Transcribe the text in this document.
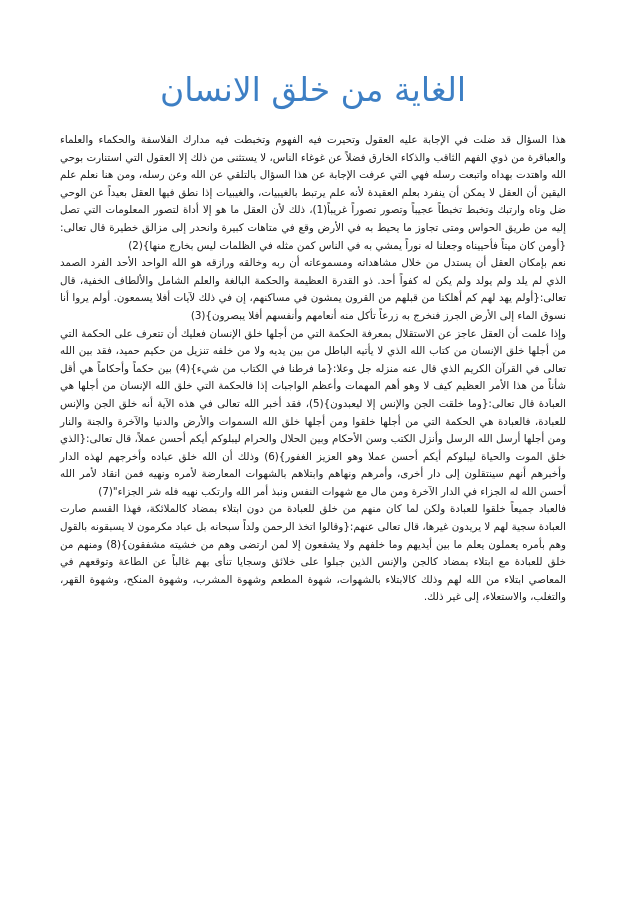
الغاية من خلق الانسان

هذا السؤال قد ضلت في الإجابة عليه العقول وتحيرت فيه الفهوم وتخبطت فيه مدارك الفلاسفة والحكماء والعلماء والعباقرة من ذوي الفهم الثاقب والذكاء الخارق فضلاً عن غوغاء الناس، لا يستثنى من ذلك إلا العقول التي استنارت بوحي الله واهتدت بهداه واتبعت رسله فهي التي عرفت الإجابة عن هذا السؤال بالتلقي عن الله وعن رسله، ومن هنا نعلم علم اليقين أن العقل لا يمكن أن ينفرد بعلم العقيدة لأنه علم يرتبط بالغيبيات، والغيبيات إذا نطق فيها العقل بعيداً عن الوحي ضل وتاه وارتبك وتخبط تخبطاً عجيباً وتصور تصوراً غريباً(1)، ذلك لأن العقل ما هو إلا أداة لتصور المعلومات التي تصل إليه من طريق الحواس ومتى تجاوز ما يحيط به في الأرض وقع في متاهات كبيرة وانحدر إلى مزالق خطيرة قال تعالى:{أومن كان ميتاً فأحييناه وجعلنا له نوراً يمشي به في الناس كمن مثله في الظلمات ليس بخارج منها}(2)

نعم بإمكان العقل أن يستدل من خلال مشاهداته ومسموعاته أن ربه وخالقه ورازقه هو الله الواحد الأحد الفرد الصمد الذي لم يلد ولم يولد ولم يكن له كفواً أحد. ذو القدرة العظيمة والحكمة البالغة والعلم الشامل والألطاف الخفية، قال تعالى:{أولم يهد لهم كم أهلكنا من قبلهم من القرون يمشون في مساكنهم، إن في ذلك لآيات أفلا يسمعون. أولم يروا أنا نسوق الماء إلى الأرض الجرز فنخرج به زرعاً تأكل منه أنعامهم وأنفسهم أفلا يبصرون}(3)

وإذا علمت أن العقل عاجز عن الاستقلال بمعرفة الحكمة التي من أجلها خلق الإنسان فعليك أن تتعرف على الحكمة التي من أجلها خلق الإنسان من كتاب الله الذي لا يأتيه الباطل من بين يديه ولا من خلفه تنزيل من حكيم حميد، فقد بين الله تعالى في القرآن الكريم الذي قال عنه منزله جل وعلا:{ما فرطنا في الكتاب من شيء}(4) بين حكماً وأحكاماً هي أقل شأناً من هذا الأمر العظيم كيف لا وهو أهم المهمات وأعظم الواجبات إذا فالحكمة التي خلق الله الإنسان من أجلها هي العبادة قال تعالى:{وما خلقت الجن والإنس إلا ليعبدون}(5)، فقد أخبر الله تعالى في هذه الآية أنه خلق الجن والإنس للعبادة، فالعبادة هي الحكمة التي من أجلها خلقوا ومن أجلها خلق الله السموات والأرض والدنيا والآخرة والجنة والنار ومن أجلها أرسل الله الرسل وأنزل الكتب وسن الأحكام وبين الحلال والحرام ليبلوكم أيكم أحسن عملاً، قال تعالى:{الذي خلق الموت والحياة ليبلوكم أيكم أحسن عملا وهو العزيز الغفور}(6) وذلك أن الله خلق عباده وأخرجهم لهذه الدار وأخبرهم أنهم سينتقلون إلى دار أخرى، وأمرهم ونهاهم وابتلاهم بالشهوات المعارضة لأمره ونهيه فمن انقاد لأمر الله أحسن الله له الجزاء في الدار الآخرة ومن مال مع شهوات النفس ونبذ أمر الله وارتكب نهيه فله شر الجزاء"(7)

فالعباد جميعاً خلقوا للعبادة ولكن لما كان منهم من خلق للعبادة من دون ابتلاء بمضاد كالملائكة، فهذا القسم صارت العبادة سجية لهم لا يريدون غيرها، قال تعالى عنهم:{وقالوا اتخذ الرحمن ولداً سبحانه بل عباد مكرمون لا يسبقونه بالقول وهم بأمره يعملون يعلم ما بين أيديهم وما خلفهم ولا يشفعون إلا لمن ارتضى وهم من خشيته مشفقون}(8) ومنهم من خلق للعبادة مع ابتلاء بمضاد كالجن والإنس الذين جبلوا على خلائق وسجايا تنأى بهم غالباً عن الطاعة وتوقعهم في المعاصي ابتلاء من الله لهم وذلك كالابتلاء بالشهوات، شهوة المطعم وشهوة المشرب، وشهوة المنكح، وشهوة القهر، والتغلب، والاستعلاء، إلى غير ذلك.
